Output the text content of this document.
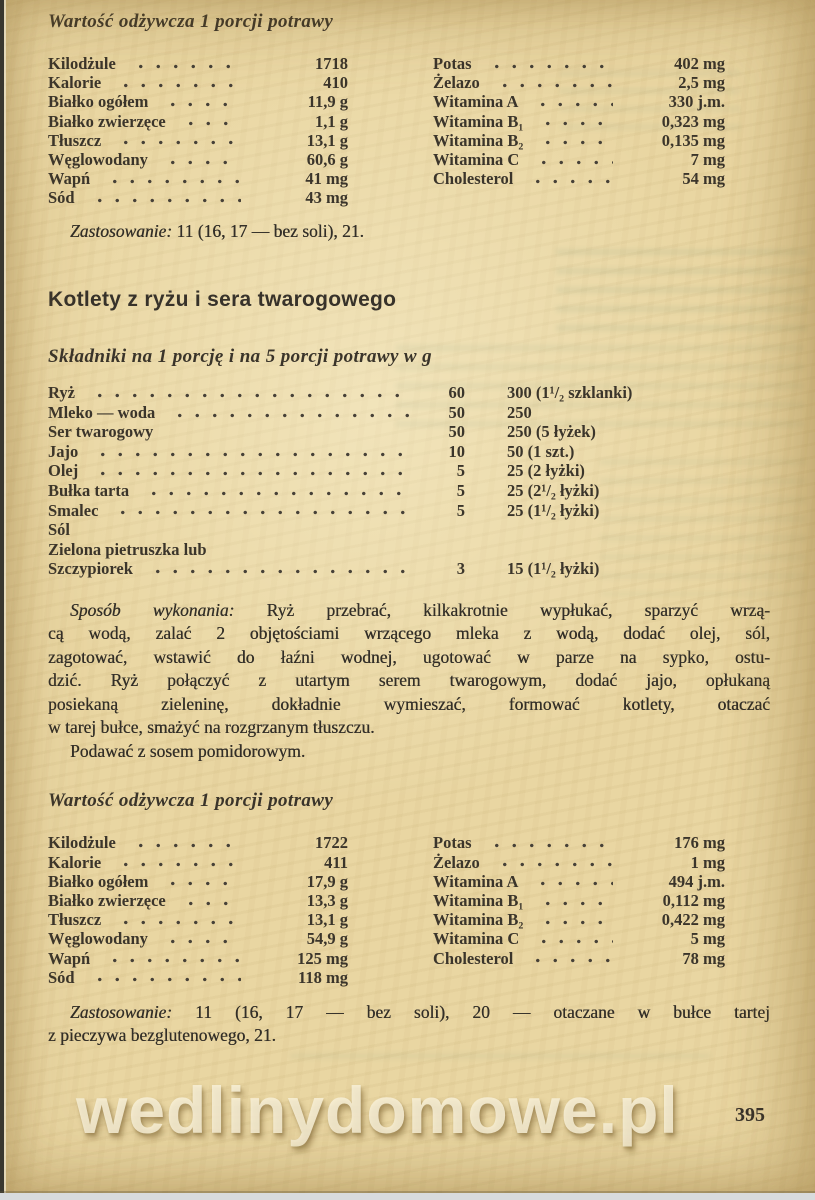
Wartość odżywcza 1 porcji potrawy
Kilodżule	1718
Kalorie	410
Białko ogółem	11,9 g
Białko zwierzęce	1,1 g
Tłuszcz	13,1 g
Węglowodany	60,6 g
Wapń	41 mg
Sód	43 mg
Potas	402 mg
Żelazo	2,5 mg
Witamina A	330 j.m.
Witamina B₁	0,323 mg
Witamina B₂	0,135 mg
Witamina C	7 mg
Cholesterol	54 mg

Zastosowanie: 11 (16, 17 — bez soli), 21.

Kotlety z ryżu i sera twarogowego
Składniki na 1 porcję i na 5 porcji potrawy w g
Ryż	60	300 (1¹/₂ szklanki)
Mleko — woda	50	250
Ser twarogowy	50	250 (5 łyżek)
Jajo	10	50 (1 szt.)
Olej	5	25 (2 łyżki)
Bułka tarta	5	25 (2¹/₂ łyżki)
Smalec	5	25 (1¹/₂ łyżki)
Sól
Zielona pietruszka lub
Szczypiorek	3	15 (1¹/₂ łyżki)
Sposób wykonania: Ryż przebrać, kilkakrotnie wypłukać, sparzyć wrzą-
cą wodą, zalać 2 objętościami wrzącego mleka z wodą, dodać olej, sól,
zagotować, wstawić do łaźni wodnej, ugotować w parze na sypko, ostu-
dzić. Ryż połączyć z utartym serem twarogowym, dodać jajo, opłukaną
posiekaną zieleninę, dokładnie wymieszać, formować kotlety, otaczać
w tarej bułce, smażyć na rozgrzanym tłuszczu.
Podawać z sosem pomidorowym.
Wartość odżywcza 1 porcji potrawy
Kilodżule	1722
Kalorie	411
Białko ogółem	17,9 g
Białko zwierzęce	13,3 g
Tłuszcz	13,1 g
Węglowodany	54,9 g
Wapń	125 mg
Sód	118 mg
Potas	176 mg
Żelazo	1 mg
Witamina A	494 j.m.
Witamina B₁	0,112 mg
Witamina B₂	0,422 mg
Witamina C	5 mg
Cholesterol	78 mg
Zastosowanie: 11 (16, 17 — bez soli), 20 — otaczane w bułce tartej
z pieczywa bezglutenowego, 21.
wedlinydomowe.pl	395
